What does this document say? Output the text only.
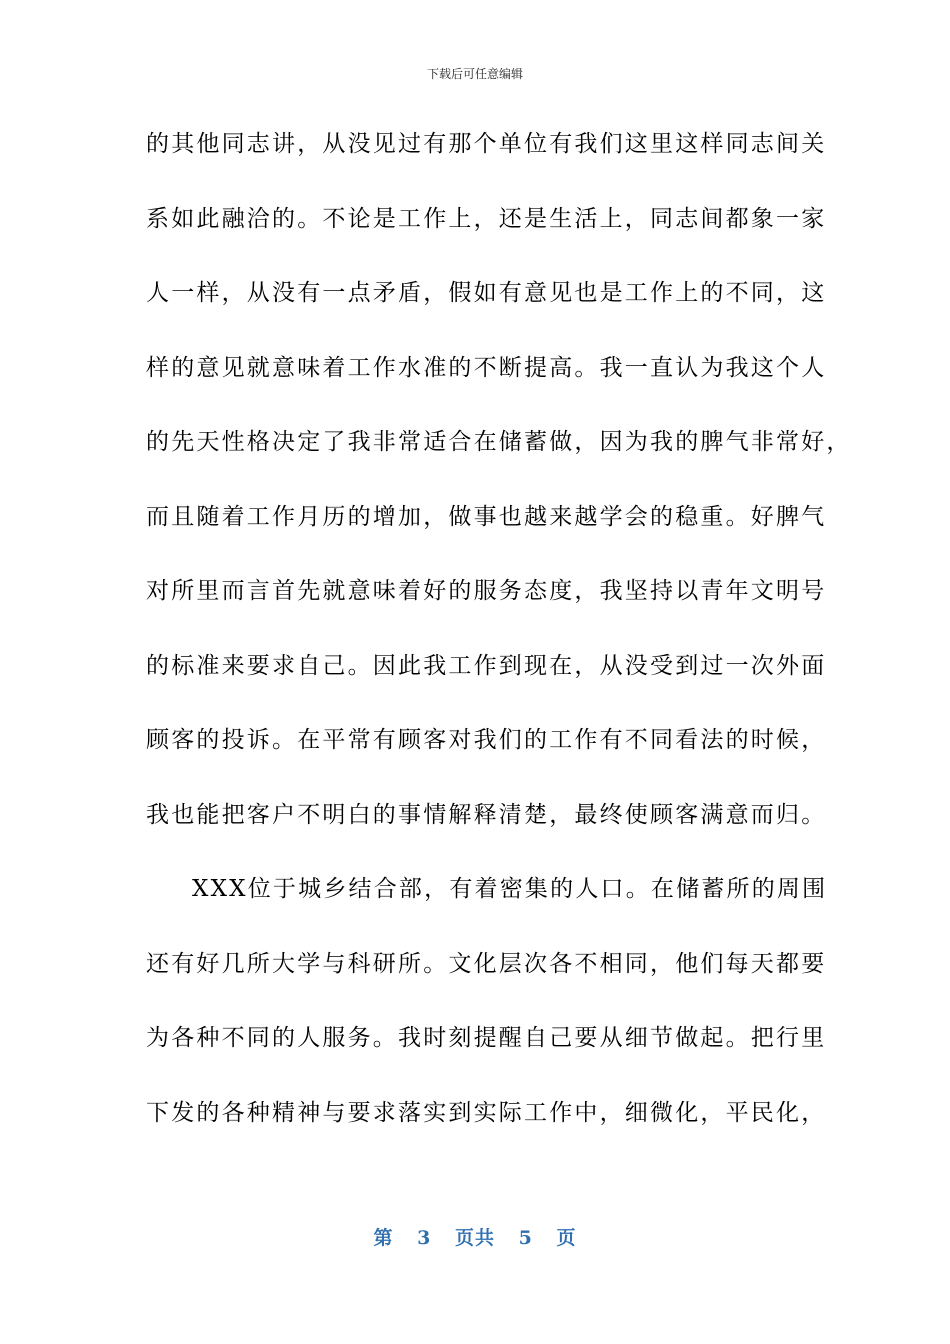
下载后可任意编辑
的其他同志讲，从没见过有那个单位有我们这里这样同志间关
系如此融洽的。不论是工作上，还是生活上，同志间都象一家
人一样，从没有一点矛盾，假如有意见也是工作上的不同，这
样的意见就意味着工作水准的不断提高。我一直认为我这个人
的先天性格决定了我非常适合在储蓄做，因为我的脾气非常好，
而且随着工作月历的增加，做事也越来越学会的稳重。好脾气
对所里而言首先就意味着好的服务态度，我坚持以青年文明号
的标准来要求自己。因此我工作到现在，从没受到过一次外面
顾客的投诉。在平常有顾客对我们的工作有不同看法的时候，
我也能把客户不明白的事情解释清楚，最终使顾客满意而归。
XXX位于城乡结合部，有着密集的人口。在储蓄所的周围
还有好几所大学与科研所。文化层次各不相同，他们每天都要
为各种不同的人服务。我时刻提醒自己要从细节做起。把行里
下发的各种精神与要求落实到实际工作中，细微化，平民化，
第 3 页共 5 页
